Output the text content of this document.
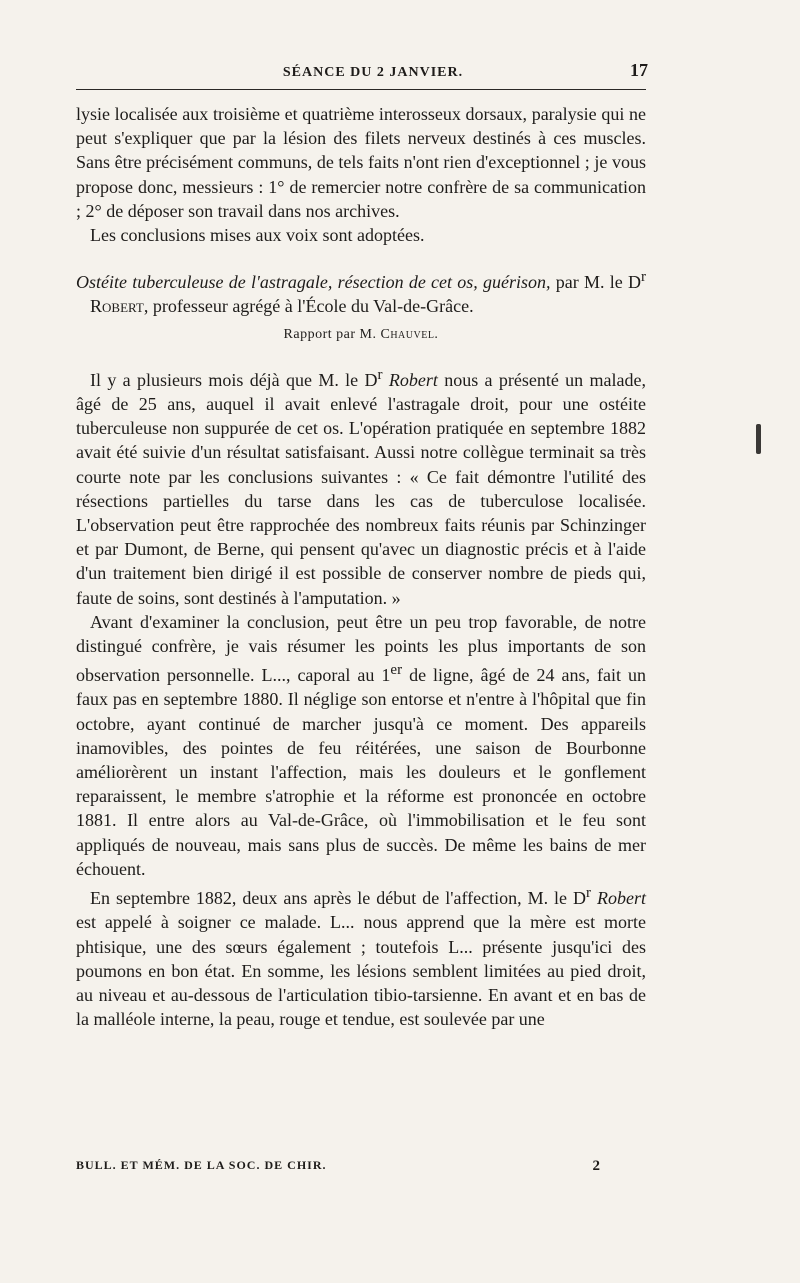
SÉANCE DU 2 JANVIER.	17

lysie localisée aux troisième et quatrième interosseux dorsaux, paralysie qui ne peut s'expliquer que par la lésion des filets nerveux destinés à ces muscles. Sans être précisément communs, de tels faits n'ont rien d'exceptionnel ; je vous propose donc, messieurs : 1° de remercier notre confrère de sa communication ; 2° de déposer son travail dans nos archives.

Les conclusions mises aux voix sont adoptées.

Ostéite tuberculeuse de l'astragale, résection de cet os, guérison, par M. le $D^r$ Robert, professeur agrégé à l'École du Val-de-Grâce.

Rapport par M. Chauvel.

Il y a plusieurs mois déjà que M. le $D^r$ Robert nous a présenté un malade, âgé de 25 ans, auquel il avait enlevé l'astragale droit, pour une ostéite tuberculeuse non suppurée de cet os. L'opération pratiquée en septembre 1882 avait été suivie d'un résultat satisfaisant. Aussi notre collègue terminait sa très courte note par les conclusions suivantes : « Ce fait démontre l'utilité des résections partielles du tarse dans les cas de tuberculose localisée. L'observation peut être rapprochée des nombreux faits réunis par Schinzinger et par Dumont, de Berne, qui pensent qu'avec un diagnostic précis et à l'aide d'un traitement bien dirigé il est possible de conserver nombre de pieds qui, faute de soins, sont destinés à l'amputation. »

Avant d'examiner la conclusion, peut être un peu trop favorable, de notre distingué confrère, je vais résumer les points les plus importants de son observation personnelle. L..., caporal au 1er de ligne, âgé de 24 ans, fait un faux pas en septembre 1880. Il néglige son entorse et n'entre à l'hôpital que fin octobre, ayant continué de marcher jusqu'à ce moment. Des appareils inamovibles, des pointes de feu réitérées, une saison de Bourbonne améliorèrent un instant l'affection, mais les douleurs et le gonflement reparaissent, le membre s'atrophie et la réforme est prononcée en octobre 1881. Il entre alors au Val-de-Grâce, où l'immobilisation et le feu sont appliqués de nouveau, mais sans plus de succès. De même les bains de mer échouent.

En septembre 1882, deux ans après le début de l'affection, M. le $D^r$ Robert est appelé à soigner ce malade. L... nous apprend que la mère est morte phtisique, une des sœurs également ; toutefois L... présente jusqu'ici des poumons en bon état. En somme, les lésions semblent limitées au pied droit, au niveau et au-dessous de l'articulation tibio-tarsienne. En avant et en bas de la malléole interne, la peau, rouge et tendue, est soulevée par une

BULL. ET MÉM. DE LA SOC. DE CHIR.	2
